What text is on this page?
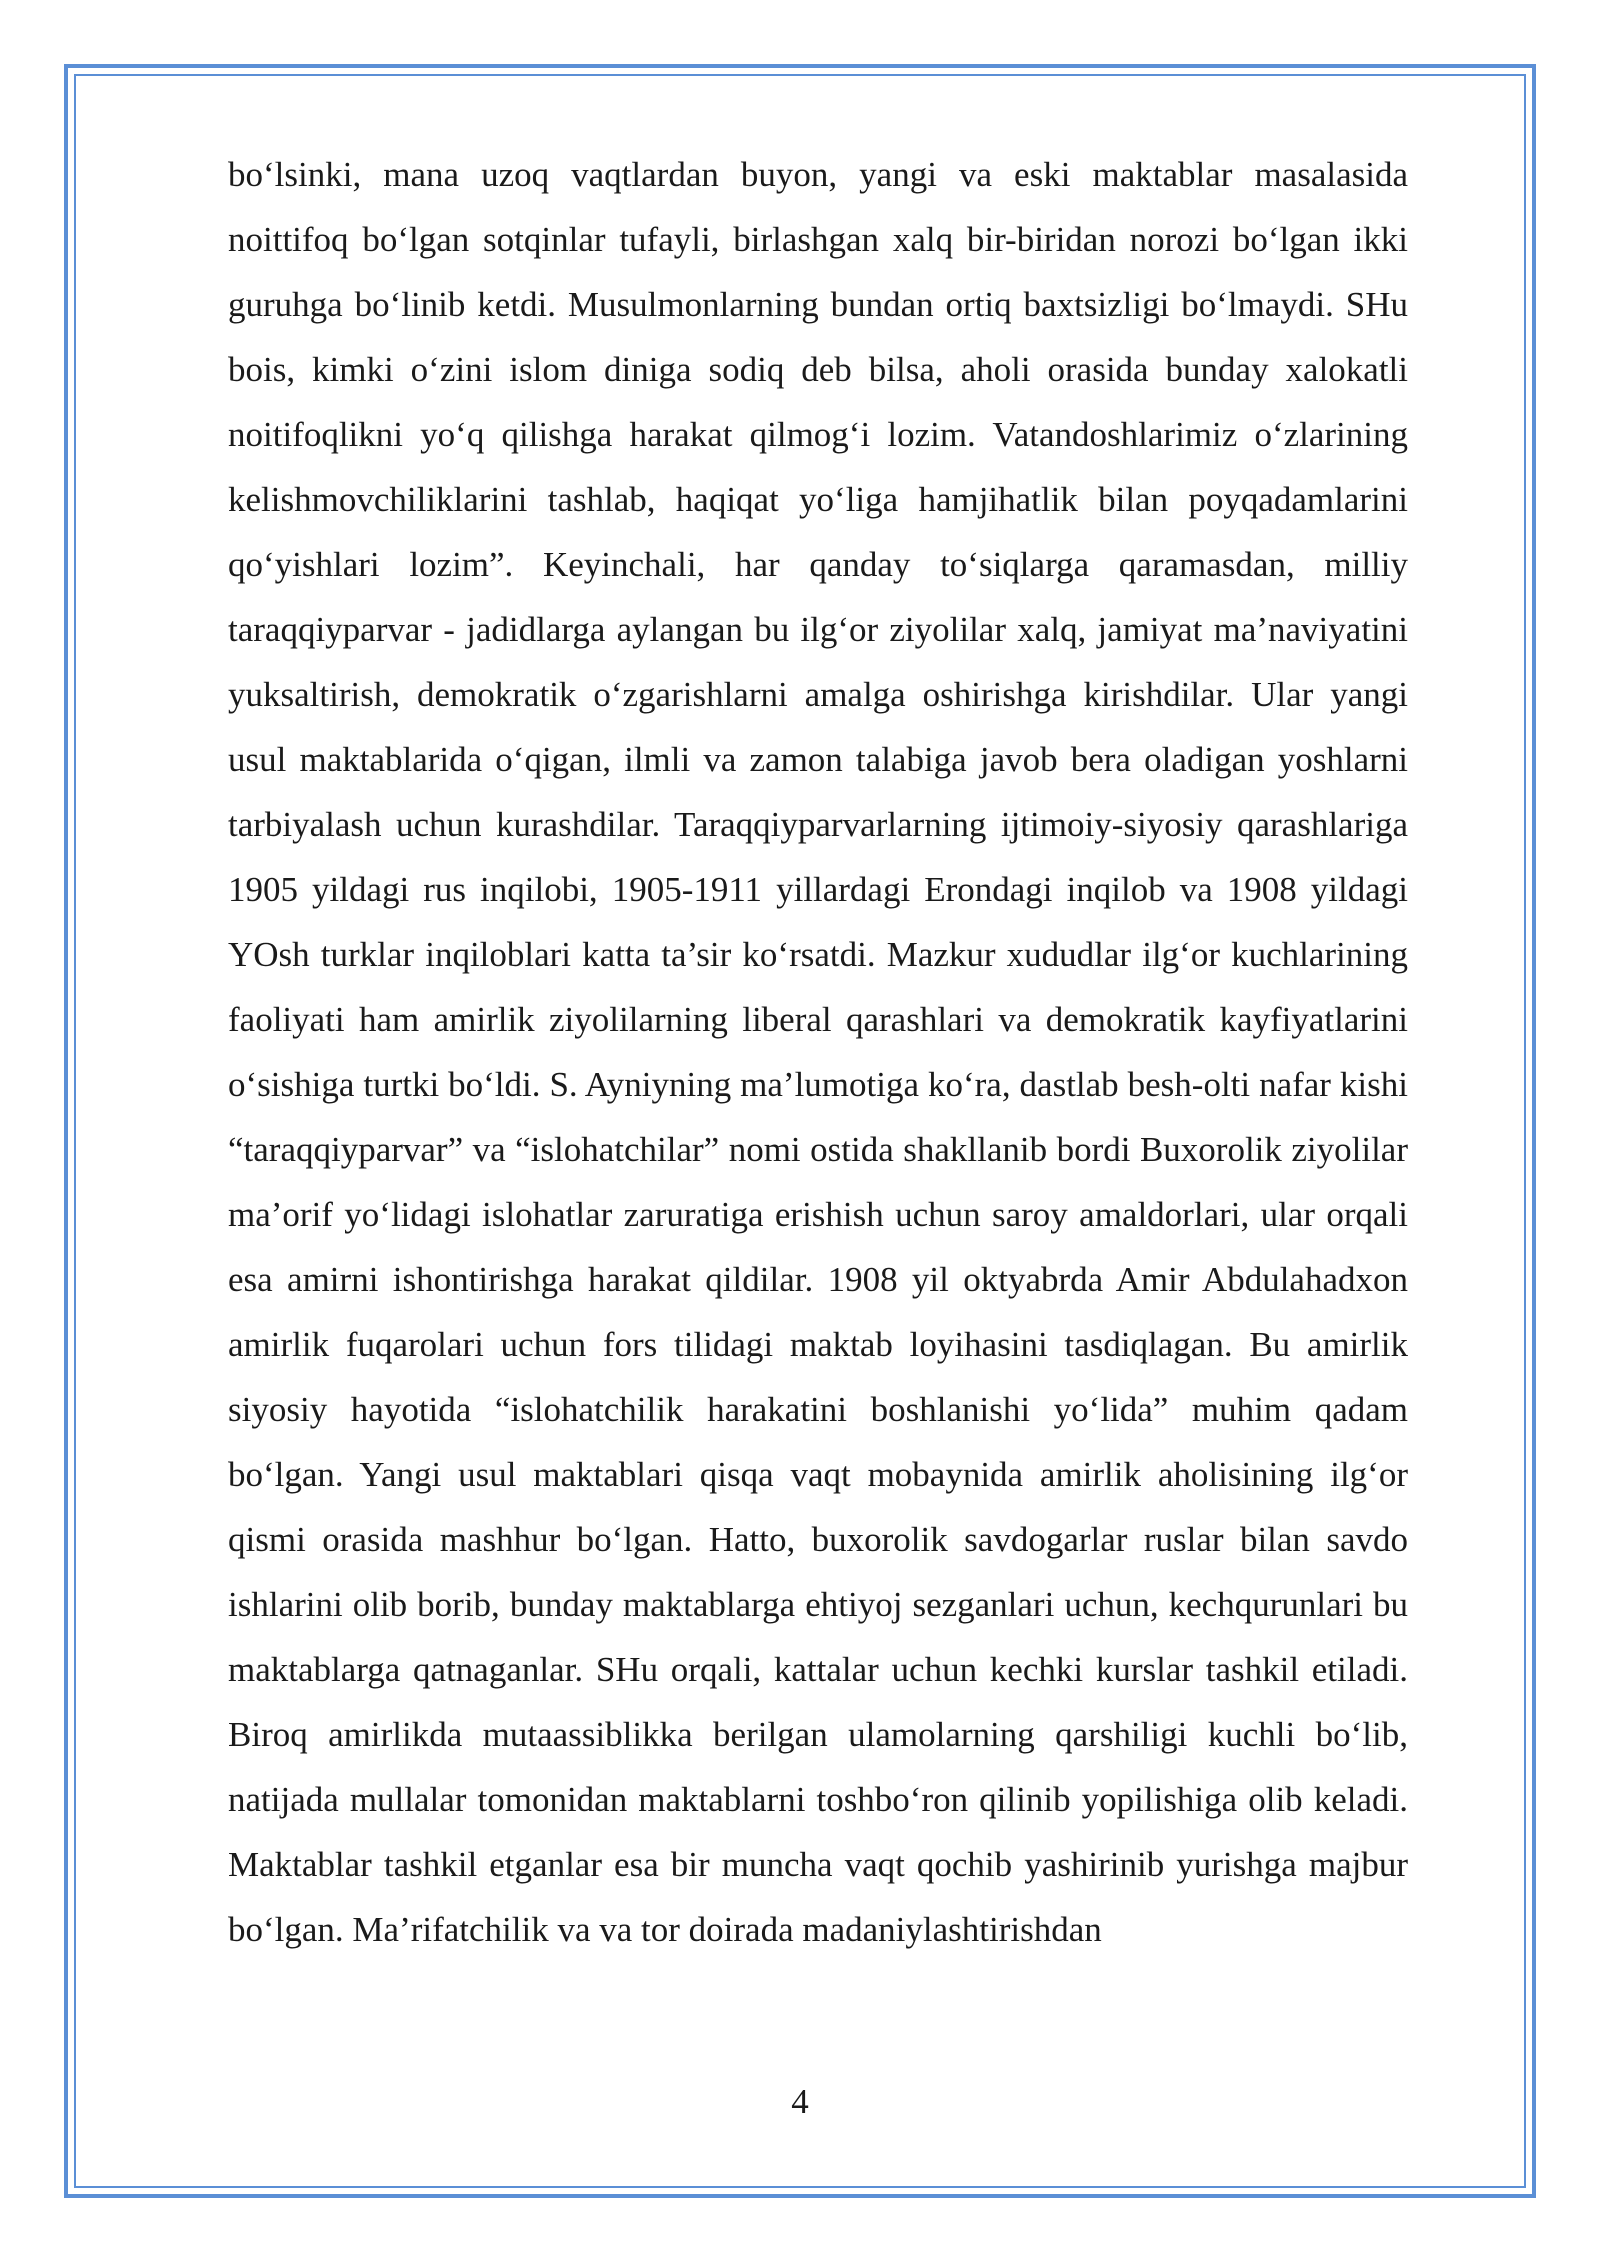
bo‘lsinki, mana uzoq vaqtlardan buyon, yangi va eski maktablar masalasida noittifoq bo‘lgan sotqinlar tufayli, birlashgan xalq bir-biridan norozi bo‘lgan ikki guruhga bo‘linib ketdi. Musulmonlarning bundan ortiq baxtsizligi bo‘lmaydi. SHu bois, kimki o‘zini islom diniga sodiq deb bilsa, aholi orasida bunday xalokatli noitifoqlikni yo‘q qilishga harakat qilmog‘i lozim. Vatandoshlarimiz o‘zlarining kelishmovchiliklarini tashlab, haqiqat yo‘liga hamjihatlik bilan poyqadamlarini qo‘yishlari lozim”. Keyinchali, har qanday to‘siqlarga qaramasdan, milliy taraqqiyparvar - jadidlarga aylangan bu ilg‘or ziyolilar xalq, jamiyat ma’naviyatini yuksaltirish, demokratik o‘zgarishlarni amalga oshirishga kirishdilar. Ular yangi usul maktablarida o‘qigan, ilmli va zamon talabiga javob bera oladigan yoshlarni tarbiyalash uchun kurashdilar. Taraqqiyparvarlarning ijtimoiy-siyosiy qarashlariga 1905 yildagi rus inqilobi, 1905-1911 yillardagi Erondagi inqilob va 1908 yildagi YOsh turklar inqiloblari katta ta’sir ko‘rsatdi. Mazkur xududlar ilg‘or kuchlarining faoliyati ham amirlik ziyolilarning liberal qarashlari va demokratik kayfiyatlarini o‘sishiga turtki bo‘ldi. S. Ayniyning ma’lumotiga ko‘ra, dastlab besh-olti nafar kishi “taraqqiyparvar” va “islohatchilar” nomi ostida shakllanib bordi Buxorolik ziyolilar ma’orif yo‘lidagi islohatlar zaruratiga erishish uchun saroy amaldorlari, ular orqali esa amirni ishontirishga harakat qildilar. 1908 yil oktyabrda Amir Abdulahadxon amirlik fuqarolari uchun fors tilidagi maktab loyihasini tasdiqlagan. Bu amirlik siyosiy hayotida “islohatchilik harakatini boshlanishi yo‘lida” muhim qadam bo‘lgan. Yangi usul maktablari qisqa vaqt mobaynida amirlik aholisining ilg‘or qismi orasida mashhur bo‘lgan. Hatto, buxorolik savdogarlar ruslar bilan savdo ishlarini olib borib, bunday maktablarga ehtiyoj sezganlari uchun, kechqurunlari bu maktablarga qatnaganlar. SHu orqali, kattalar uchun kechki kurslar tashkil etiladi. Biroq amirlikda mutaassiblikka berilgan ulamolarning qarshiligi kuchli bo‘lib, natijada mullalar tomonidan maktablarni toshbo‘ron qilinib yopilishiga olib keladi. Maktablar tashkil etganlar esa bir muncha vaqt qochib yashirinib yurishga majbur bo‘lgan. Ma’rifatchilik va va tor doirada madaniylashtirishdan

4
